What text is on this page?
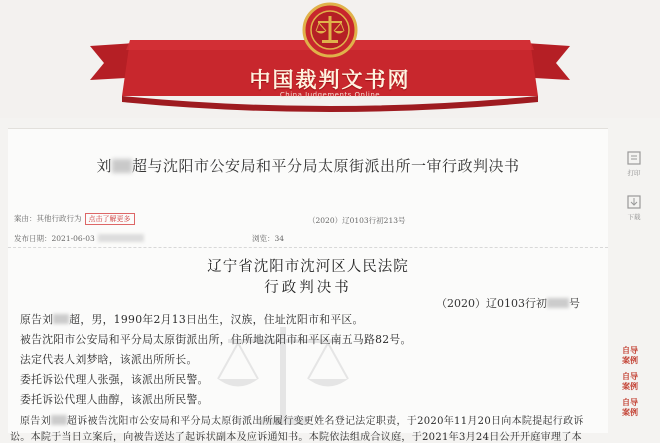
中国裁判文书网
China Judgements Online
刘 超与沈阳市公安局和平分局太原街派出所一审行政判决书
案由：其他行政行为 点击了解更多	（2020）辽0103行初213号
发布日期：2021-06-03	浏览：34
辽宁省沈阳市沈河区人民法院
行政判决书
（2020）辽0103行初 号
原告刘 超，男，1990年2月13日出生，汉族，住址沈阳市和平区。
被告沈阳市公安局和平分局太原街派出所，住所地沈阳市和平区南五马路82号。
法定代表人刘梦晗，该派出所所长。
委托诉讼代理人张强，该派出所民警。
委托诉讼代理人曲醇，该派出所民警。
原告刘 超诉被告沈阳市公安局和平分局太原街派出所履行变更姓名登记法定职责，于2020年11月20日向本院提起行政诉
讼。本院于当日立案后，向被告送达了起诉状副本及应诉通知书。本院依法组成合议庭，于2021年3月24日公开开庭审理了本
打印
下载
自导
案例
自导
案例
自导
案例
